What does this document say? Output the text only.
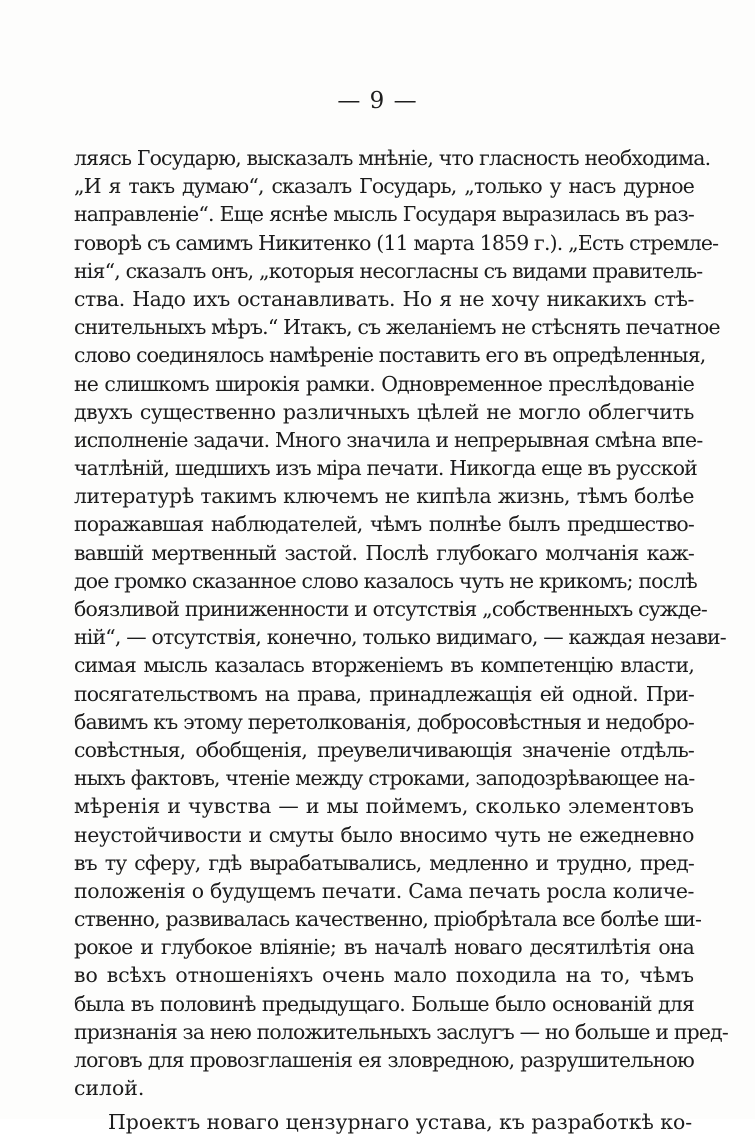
— 9 —
ляясь Государю, высказалъ мнѣніе, что гласность необходима.
„И я такъ думаю“, сказалъ Государь, „только у насъ дурное
направленіе“. Еще яснѣе мысль Государя выразилась въ раз-
говорѣ съ самимъ Никитенко (11 марта 1859 г.). „Есть стремле-
нія“, сказалъ онъ, „которыя несогласны съ видами правитель-
ства. Надо ихъ останавливать. Но я не хочу никакихъ стѣ-
снительныхъ мѣръ.“ Итакъ, съ желаніемъ не стѣснять печатное
слово соединялось намѣреніе поставить его въ опредѣленныя,
не слишкомъ широкія рамки. Одновременное преслѣдованіе
двухъ существенно различныхъ цѣлей не могло облегчить
исполненіе задачи. Много значила и непрерывная смѣна впе-
чатлѣній, шедшихъ изъ міра печати. Никогда еще въ русской
литературѣ такимъ ключемъ не кипѣла жизнь, тѣмъ болѣе
поражавшая наблюдателей, чѣмъ полнѣе былъ предшество-
вавшій мертвенный застой. Послѣ глубокаго молчанія каж-
дое громко сказанное слово казалось чуть не крикомъ; послѣ
боязливой приниженности и отсутствія „собственныхъ сужде-
ній“, — отсутствія, конечно, только видимаго, — каждая незави-
симая мысль казалась вторженіемъ въ компетенцію власти,
посягательствомъ на права, принадлежащія ей одной. При-
бавимъ къ этому перетолкованія, добросовѣстныя и недобро-
совѣстныя, обобщенія, преувеличивающія значеніе отдѣль-
ныхъ фактовъ, чтеніе между строками, заподозрѣвающее на-
мѣренія и чувства — и мы поймемъ, сколько элементовъ
неустойчивости и смуты было вносимо чуть не ежедневно
въ ту сферу, гдѣ вырабатывались, медленно и трудно, пред-
положенія о будущемъ печати. Сама печать росла количе-
ственно, развивалась качественно, пріобрѣтала все болѣе ши-
рокое и глубокое вліяніе; въ началѣ новаго десятилѣтія она
во всѣхъ отношеніяхъ очень мало походила на то, чѣмъ
была въ половинѣ предыдущаго. Больше было основаній для
признанія за нею положительныхъ заслугъ — но больше и пред-
логовъ для провозглашенія ея зловредною, разрушительною
силой.
Проектъ новаго цензурнаго устава, къ разработкѣ ко-
